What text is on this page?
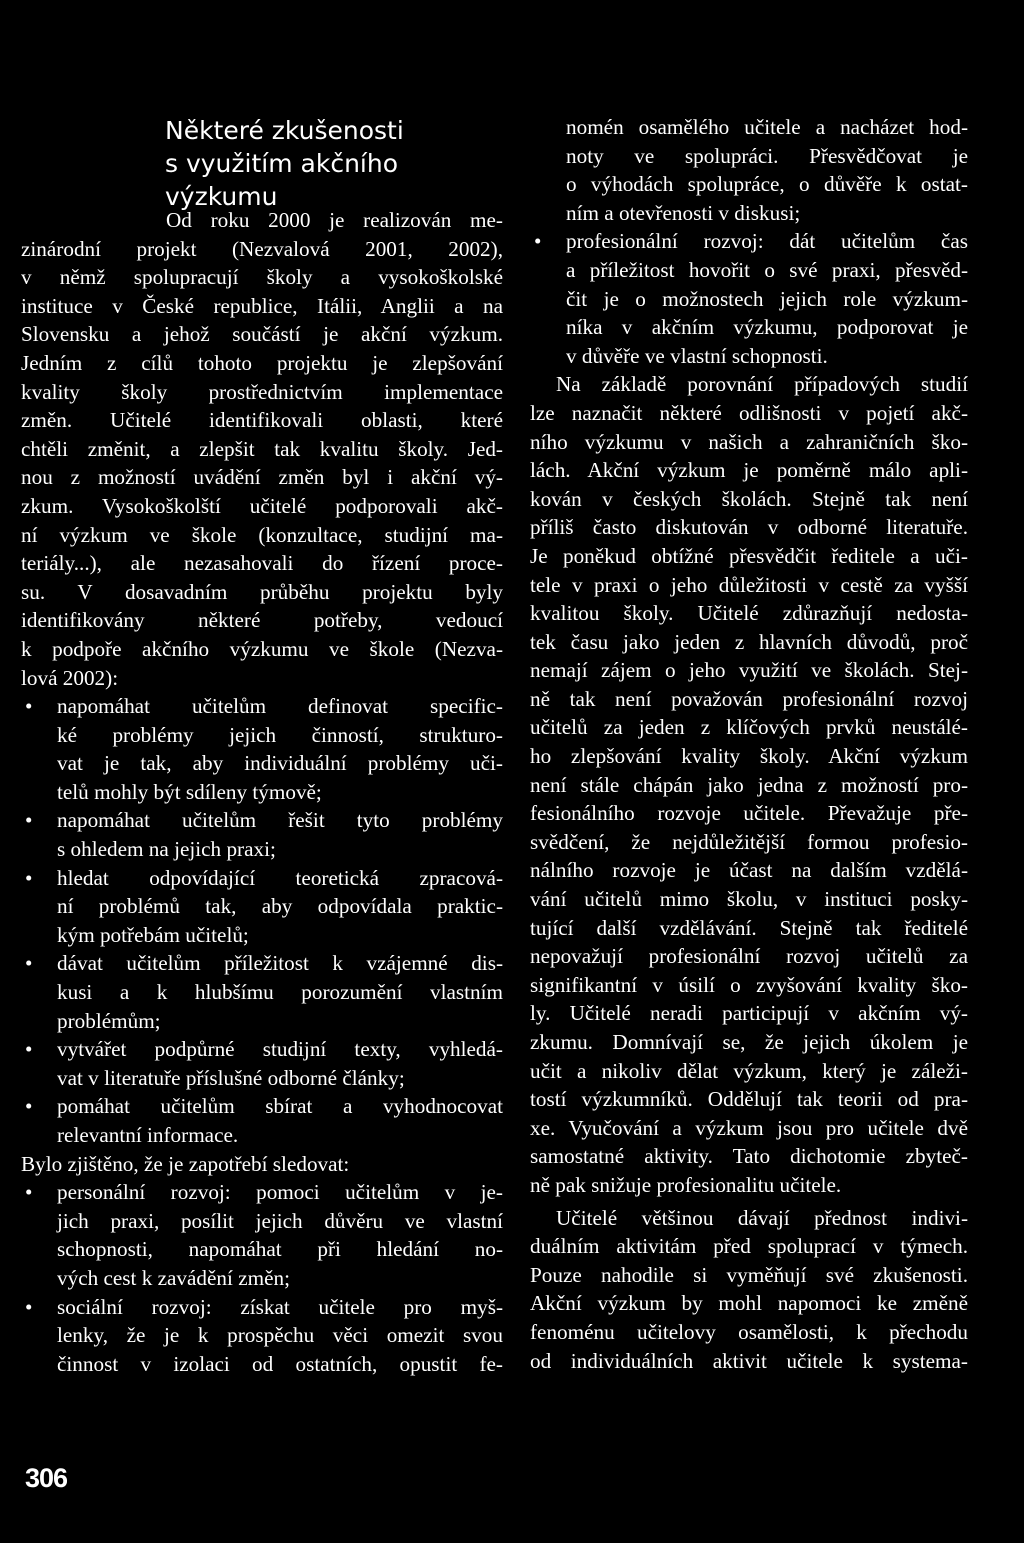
Některé zkušenosti
s využitím akčního
výzkumu
Od roku 2000 je realizován me-
zinárodní projekt (Nezvalová 2001, 2002),
v němž spolupracují školy a vysokoškolské
instituce v České republice, Itálii, Anglii a na
Slovensku a jehož součástí je akční výzkum.
Jedním z cílů tohoto projektu je zlepšování
kvality školy prostřednictvím implementace
změn. Učitelé identifikovali oblasti, které
chtěli změnit, a zlepšit tak kvalitu školy. Jed-
nou z možností uvádění změn byl i akční vý-
zkum. Vysokoškolští učitelé podporovali akč-
ní výzkum ve škole (konzultace, studijní ma-
teriály...), ale nezasahovali do řízení proce-
su. V dosavadním průběhu projektu byly
identifikovány některé potřeby, vedoucí
k podpoře akčního výzkumu ve škole (Nezva-
lová 2002):
• napomáhat učitelům definovat specific-
ké problémy jejich činností, strukturo-
vat je tak, aby individuální problémy uči-
telů mohly být sdíleny týmově;
• napomáhat učitelům řešit tyto problémy
s ohledem na jejich praxi;
• hledat odpovídající teoretická zpracová-
ní problémů tak, aby odpovídala praktic-
kým potřebám učitelů;
• dávat učitelům příležitost k vzájemné dis-
kusi a k hlubšímu porozumění vlastním
problémům;
• vytvářet podpůrné studijní texty, vyhledá-
vat v literatuře příslušné odborné články;
• pomáhat učitelům sbírat a vyhodnocovat
relevantní informace.
Bylo zjištěno, že je zapotřebí sledovat:
• personální rozvoj: pomoci učitelům v je-
jich praxi, posílit jejich důvěru ve vlastní
schopnosti, napomáhat při hledání no-
vých cest k zavádění změn;
• sociální rozvoj: získat učitele pro myš-
lenky, že je k prospěchu věci omezit svou
činnost v izolaci od ostatních, opustit fe-
nomén osamělého učitele a nacházet hod-
noty ve spolupráci. Přesvědčovat je
o výhodách spolupráce, o důvěře k ostat-
ním a otevřenosti v diskusi;
• profesionální rozvoj: dát učitelům čas
a příležitost hovořit o své praxi, přesvěd-
čit je o možnostech jejich role výzkum-
níka v akčním výzkumu, podporovat je
v důvěře ve vlastní schopnosti.
Na základě porovnání případových studií
lze naznačit některé odlišnosti v pojetí akč-
ního výzkumu v našich a zahraničních ško-
lách. Akční výzkum je poměrně málo apli-
kován v českých školách. Stejně tak není
příliš často diskutován v odborné literatuře.
Je poněkud obtížné přesvědčit ředitele a uči-
tele v praxi o jeho důležitosti v cestě za vyšší
kvalitou školy. Učitelé zdůrazňují nedosta-
tek času jako jeden z hlavních důvodů, proč
nemají zájem o jeho využití ve školách. Stej-
ně tak není považován profesionální rozvoj
učitelů za jeden z klíčových prvků neustálé-
ho zlepšování kvality školy. Akční výzkum
není stále chápán jako jedna z možností pro-
fesionálního rozvoje učitele. Převažuje pře-
svědčení, že nejdůležitější formou profesio-
nálního rozvoje je účast na dalším vzdělá-
vání učitelů mimo školu, v instituci posky-
tující další vzdělávání. Stejně tak ředitelé
nepovažují profesionální rozvoj učitelů za
signifikantní v úsilí o zvyšování kvality ško-
ly. Učitelé neradi participují v akčním vý-
zkumu. Domnívají se, že jejich úkolem je
učit a nikoliv dělat výzkum, který je záleži-
tostí výzkumníků. Oddělují tak teorii od pra-
xe. Vyučování a výzkum jsou pro učitele dvě
samostatné aktivity. Tato dichotomie zbyteč-
ně pak snižuje profesionalitu učitele.
Učitelé většinou dávají přednost indivi-
duálním aktivitám před spoluprací v týmech.
Pouze nahodile si vyměňují své zkušenosti.
Akční výzkum by mohl napomoci ke změně
fenoménu učitelovy osamělosti, k přechodu
od individuálních aktivit učitele k systema-
306
